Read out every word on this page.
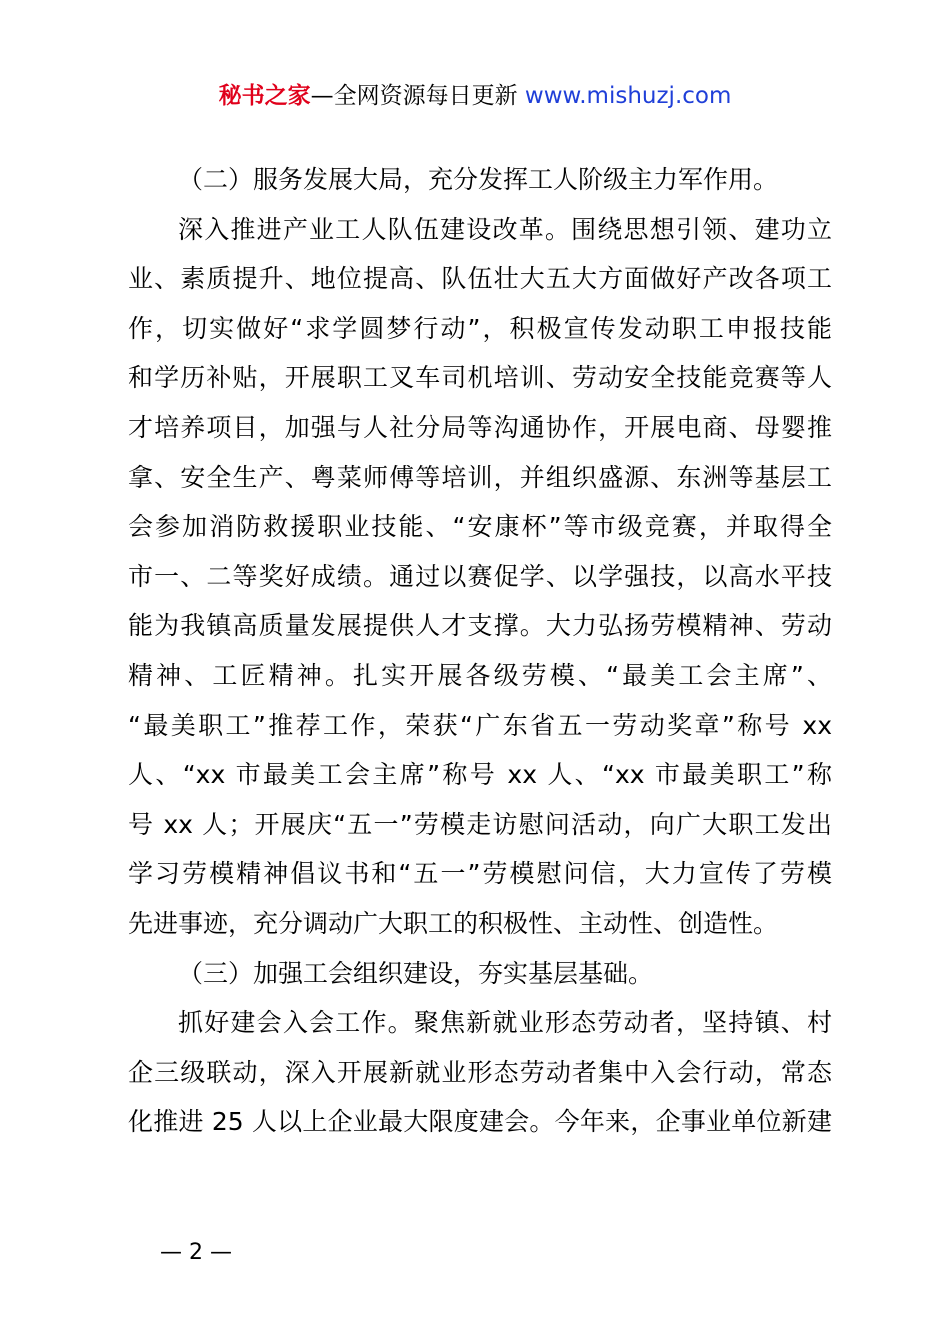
秘书之家—全网资源每日更新 www.mishuzj.com
（二）服务发展大局，充分发挥工人阶级主力军作用。
深入推进产业工人队伍建设改革。围绕思想引领、建功立
业、素质提升、地位提高、队伍壮大五大方面做好产改各项工
作，切实做好“求学圆梦行动”，积极宣传发动职工申报技能
和学历补贴，开展职工叉车司机培训、劳动安全技能竞赛等人
才培养项目，加强与人社分局等沟通协作，开展电商、母婴推
拿、安全生产、粤菜师傅等培训，并组织盛源、东洲等基层工
会参加消防救援职业技能、“安康杯”等市级竞赛，并取得全
市一、二等奖好成绩。通过以赛促学、以学强技，以高水平技
能为我镇高质量发展提供人才支撑。大力弘扬劳模精神、劳动
精神、工匠精神。扎实开展各级劳模、“最美工会主席”、
“最美职工”推荐工作，荣获“广东省五一劳动奖章”称号 xx
人、“xx 市最美工会主席”称号 xx 人、“xx 市最美职工”称
号 xx 人；开展庆“五一”劳模走访慰问活动，向广大职工发出
学习劳模精神倡议书和“五一”劳模慰问信，大力宣传了劳模
先进事迹，充分调动广大职工的积极性、主动性、创造性。
（三）加强工会组织建设，夯实基层基础。
抓好建会入会工作。聚焦新就业形态劳动者，坚持镇、村
企三级联动，深入开展新就业形态劳动者集中入会行动，常态
化推进 25 人以上企业最大限度建会。今年来，企事业单位新建
— 2 —
